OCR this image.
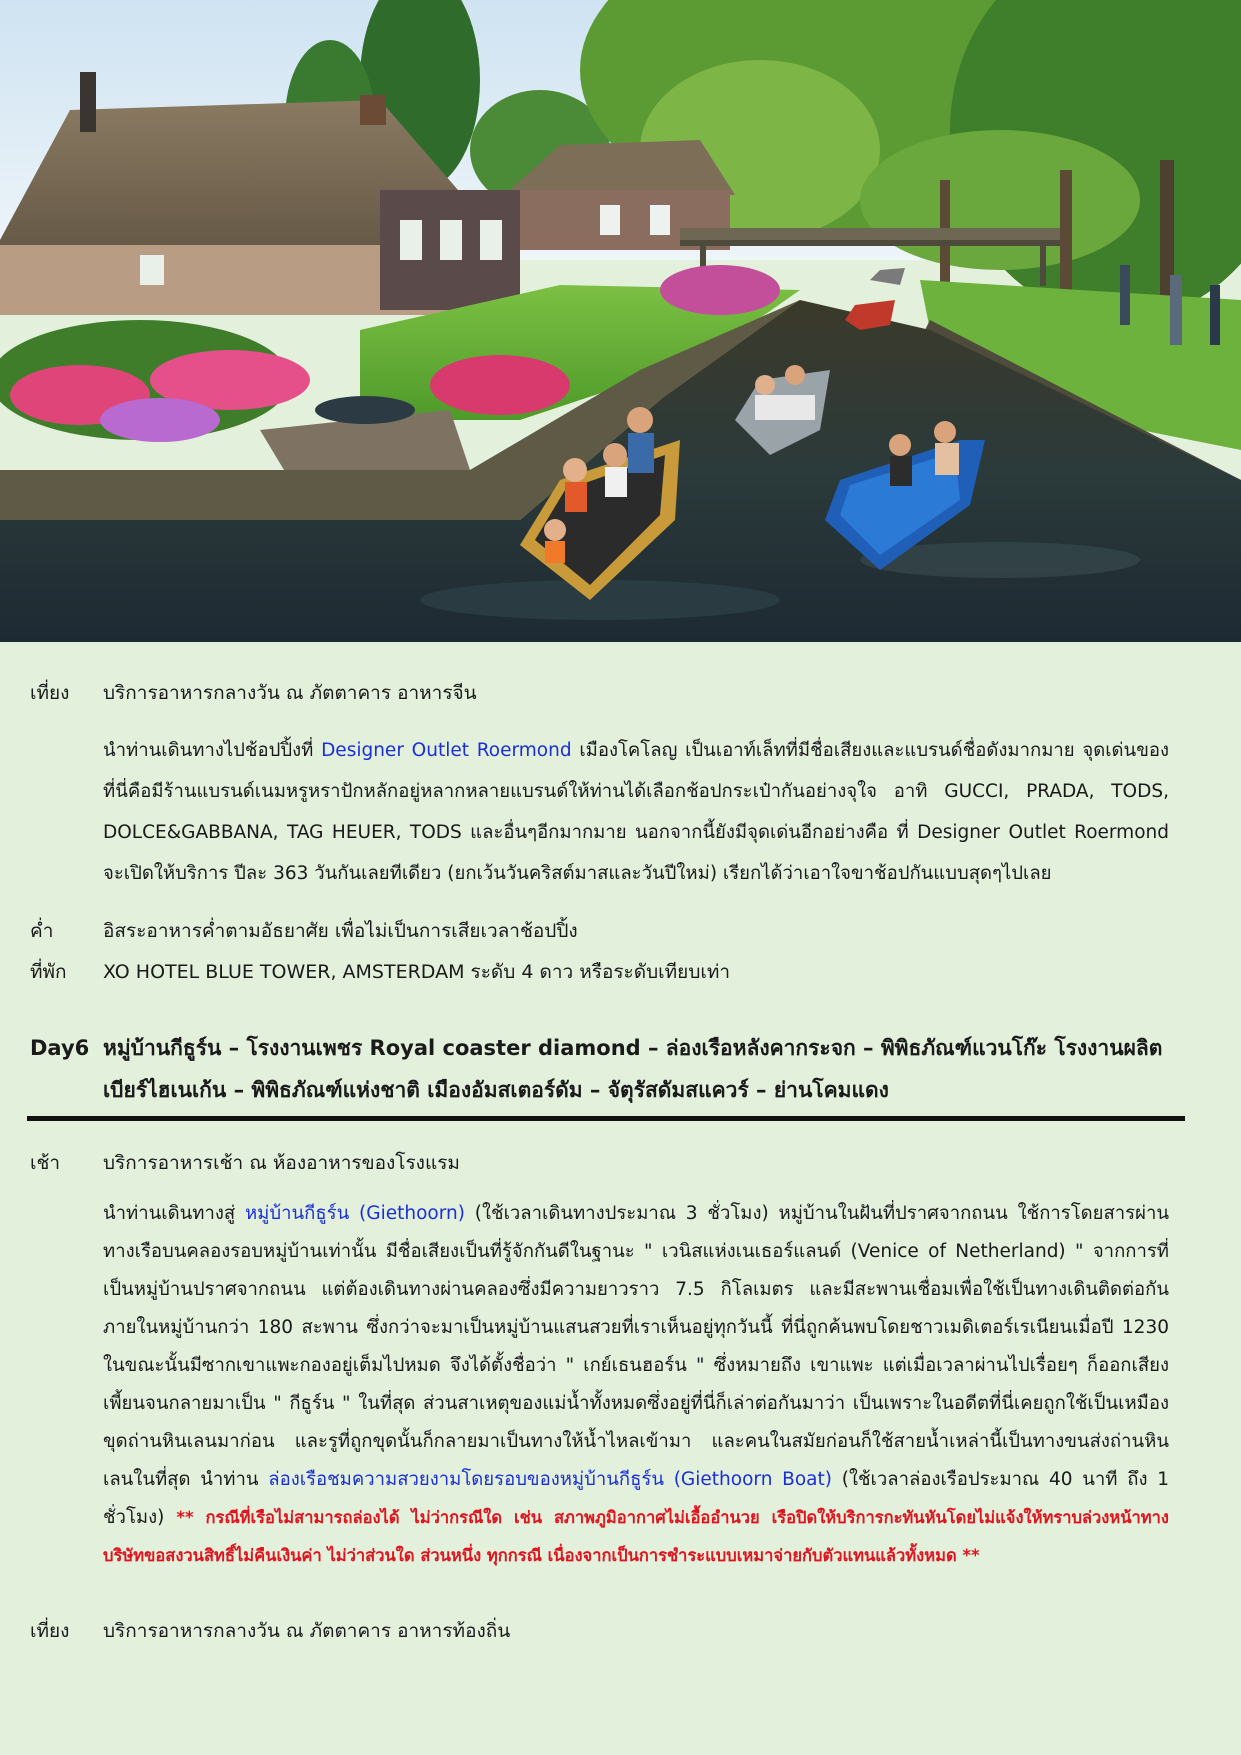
เที่ยง บริการอาหารกลางวัน ณ ภัตตาคาร อาหารจีน
นำท่านเดินทางไปช้อปปิ้งที่ Designer Outlet Roermond เมืองโคโลญ เป็นเอาท์เล็ทที่มีชื่อเสียงและแบรนด์ชื่อดังมากมาย จุดเด่นของที่นี่คือมีร้านแบรนด์เนมหรูหราปักหลักอยู่หลากหลายแบรนด์ให้ท่านได้เลือกช้อปกระเป๋ากันอย่างจุใจ อาทิ GUCCI, PRADA, TODS, DOLCE&GABBANA, TAG HEUER, TODS และอื่นๆอีกมากมาย นอกจากนี้ยังมีจุดเด่นอีกอย่างคือ ที่ Designer Outlet Roermond จะเปิดให้บริการ ปีละ 363 วันกันเลยทีเดียว (ยกเว้นวันคริสต์มาสและวันปีใหม่) เรียกได้ว่าเอาใจขาช้อปกันแบบสุดๆไปเลย
ค่ำ	อิสระอาหารค่ำตามอัธยาศัย เพื่อไม่เป็นการเสียเวลาช้อปปิ้ง
ที่พัก XO HOTEL BLUE TOWER, AMSTERDAM ระดับ 4 ดาว หรือระดับเทียบเท่า
Day6 หมู่บ้านกีธูร์น – โรงงานเพชร Royal coaster diamond – ล่องเรือหลังคากระจก – พิพิธภัณฑ์แวนโก๊ะ โรงงานผลิตเบียร์ไฮเนเก้น – พิพิธภัณฑ์แห่งชาติ เมืองอัมสเตอร์ดัม – จัตุรัสดัมสแควร์ – ย่านโคมแดง
เช้า บริการอาหารเช้า ณ ห้องอาหารของโรงแรม
นำท่านเดินทางสู่ หมู่บ้านกีธูร์น (Giethoorn) (ใช้เวลาเดินทางประมาณ 3 ชั่วโมง) หมู่บ้านในฝันที่ปราศจากถนน ใช้การโดยสารผ่านทางเรือบนคลองรอบหมู่บ้านเท่านั้น มีชื่อเสียงเป็นที่รู้จักกันดีในฐานะ " เวนิสแห่งเนเธอร์แลนด์ (Venice of Netherland) " จากการที่เป็นหมู่บ้านปราศจากถนน แต่ต้องเดินทางผ่านคลองซึ่งมีความยาวราว 7.5 กิโลเมตร และมีสะพานเชื่อมเพื่อใช้เป็นทางเดินติดต่อกันภายในหมู่บ้านกว่า 180 สะพาน ซึ่งกว่าจะมาเป็นหมู่บ้านแสนสวยที่เราเห็นอยู่ทุกวันนี้ ที่นี่ถูกค้นพบโดยชาวเมดิเตอร์เรเนียนเมื่อปี 1230 ในขณะนั้นมีซากเขาแพะกองอยู่เต็มไปหมด จึงได้ตั้งชื่อว่า " เกย์เธนฮอร์น " ซึ่งหมายถึง เขาแพะ แต่เมื่อเวลาผ่านไปเรื่อยๆ ก็ออกเสียงเพี้ยนจนกลายมาเป็น " กีธูร์น " ในที่สุด ส่วนสาเหตุของแม่น้ำทั้งหมดซึ่งอยู่ที่นี่ก็เล่าต่อกันมาว่า เป็นเพราะในอดีตที่นี่เคยถูกใช้เป็นเหมืองขุดถ่านหินเลนมาก่อน และรูที่ถูกขุดนั้นก็กลายมาเป็นทางให้น้ำไหลเข้ามา และคนในสมัยก่อนก็ใช้สายน้ำเหล่านี้เป็นทางขนส่งถ่านหินเลนในที่สุด นำท่าน ล่องเรือชมความสวยงามโดยรอบของหมู่บ้านกีธูร์น (Giethoorn Boat) (ใช้เวลาล่องเรือประมาณ 40 นาที ถึง 1 ชั่วโมง) ** กรณีที่เรือไม่สามารถล่องได้ ไม่ว่ากรณีใด เช่น สภาพภูมิอากาศไม่เอื้ออำนวย เรือปิดให้บริการกะทันหันโดยไม่แจ้งให้ทราบล่วงหน้าทางบริษัทขอสงวนสิทธิ์ไม่คืนเงินค่า ไม่ว่าส่วนใด ส่วนหนึ่ง ทุกกรณี เนื่องจากเป็นการชำระแบบเหมาจ่ายกับตัวแทนแล้วทั้งหมด **
เที่ยง บริการอาหารกลางวัน ณ ภัตตาคาร อาหารท้องถิ่น
